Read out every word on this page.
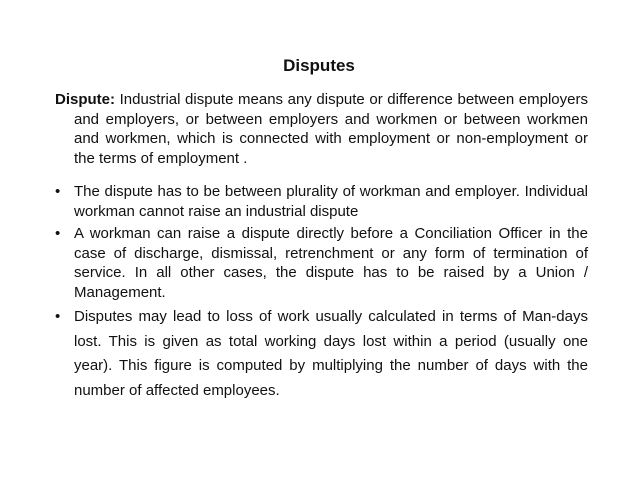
Disputes
Dispute: Industrial dispute means any dispute or difference between employers and employers, or between employers and workmen or between workmen and workmen, which is connected with employment or non-employment or the terms of employment .
• The dispute has to be between plurality of workman and employer. Individual workman cannot raise an industrial dispute
• A workman can raise a dispute directly before a Conciliation Officer in the case of discharge, dismissal, retrenchment or any form of termination of service. In all other cases, the dispute has to be raised by a Union / Management.
• Disputes may lead to loss of work usually calculated in terms of Man-days lost. This is given as total working days lost within a period (usually one year). This figure is computed by multiplying the number of days with the number of affected employees.
